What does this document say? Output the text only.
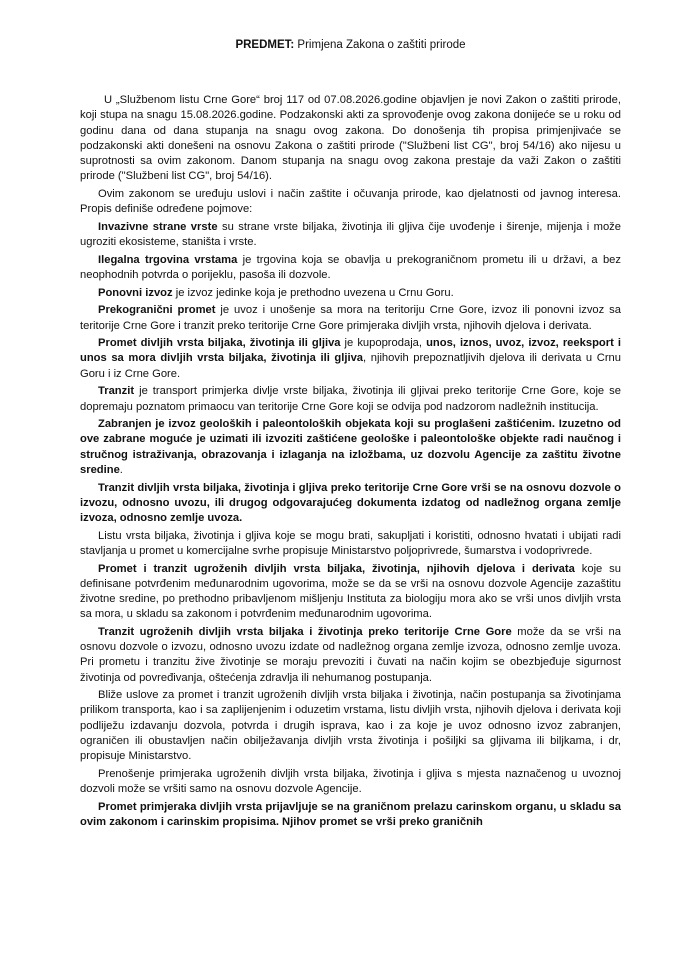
PREDMET: Primjena Zakona o zaštiti prirode

U „Službenom listu Crne Gore“ broj 117 od 07.08.2026.godine objavljen je novi Zakon o zaštiti prirode, koji stupa na snagu 15.08.2026.godine. Podzakonski akti za sprovođenje ovog zakona donijeće se u roku od godinu dana od dana stupanja na snagu ovog zakona. Do donošenja tih propisa primjenjivaće se podzakonski akti donešeni na osnovu Zakona o zaštiti prirode ("Službeni list CG", broj 54/16) ako nijesu u suprotnosti sa ovim zakonom. Danom stupanja na snagu ovog zakona prestaje da važi Zakon o zaštiti prirode ("Službeni list CG", broj 54/16).

Ovim zakonom se uređuju uslovi i način zaštite i očuvanja prirode, kao djelatnosti od javnog interesa. Propis definiše određene pojmove:

Invazivne strane vrste su strane vrste biljaka, životinja ili gljiva čije uvođenje i širenje, mijenja i može ugroziti ekosisteme, staništa i vrste.

Ilegalna trgovina vrstama je trgovina koja se obavlja u prekograničnom prometu ili u državi, a bez neophodnih potvrda o porijeklu, pasoša ili dozvole.

Ponovni izvoz je izvoz jedinke koja je prethodno uvezena u Crnu Goru.

Prekogranični promet je uvoz i unošenje sa mora na teritoriju Crne Gore, izvoz ili ponovni izvoz sa teritorije Crne Gore i tranzit preko teritorije Crne Gore primjeraka divljih vrsta, njihovih djelova i derivata.

Promet divljih vrsta biljaka, životinja ili gljiva je kupoprodaja, unos, iznos, uvoz, izvoz, reeksport i unos sa mora divljih vrsta biljaka, životinja ili gljiva, njihovih prepoznatljivih djelova ili derivata u Crnu Goru i iz Crne Gore.

Tranzit je transport primjerka divlje vrste biljaka, životinja ili gljivai preko teritorije Crne Gore, koje se dopremaju poznatom primaocu van teritorije Crne Gore koji se odvija pod nadzorom nadležnih institucija.

Zabranjen je izvoz geoloških i paleontoloških objekata koji su proglašeni zaštićenim. Izuzetno od ove zabrane moguće je uzimati ili izvoziti zaštićene geološke i paleontološke objekte radi naučnog i stručnog istraživanja, obrazovanja i izlaganja na izložbama, uz dozvolu Agencije za zaštitu životne sredine.

Tranzit divljih vrsta biljaka, životinja i gljiva preko teritorije Crne Gore vrši se na osnovu dozvole o izvozu, odnosno uvozu, ili drugog odgovarajućeg dokumenta izdatog od nadležnog organa zemlje izvoza, odnosno zemlje uvoza.

Listu vrsta biljaka, životinja i gljiva koje se mogu brati, sakupljati i koristiti, odnosno hvatati i ubijati radi stavljanja u promet u komercijalne svrhe propisuje Ministarstvo poljoprivrede, šumarstva i vodoprivrede.

Promet i tranzit ugroženih divljih vrsta biljaka, životinja, njihovih djelova i derivata koje su definisane potvrđenim međunarodnim ugovorima, može se da se vrši na osnovu dozvole Agencije zazaštitu životne sredine, po prethodno pribavljenom mišljenju Instituta za biologiju mora ako se vrši unos divljih vrsta sa mora, u skladu sa zakonom i potvrđenim međunarodnim ugovorima.

Tranzit ugroženih divljih vrsta biljaka i životinja preko teritorije Crne Gore može da se vrši na osnovu dozvole o izvozu, odnosno uvozu izdate od nadležnog organa zemlje izvoza, odnosno zemlje uvoza. Pri prometu i tranzitu žive životinje se moraju prevoziti i čuvati na način kojim se obezbjeđuje sigurnost životinja od povređivanja, oštećenja zdravlja ili nehumanog postupanja.

Bliže uslove za promet i tranzit ugroženih divljih vrsta biljaka i životinja, način postupanja sa životinjama prilikom transporta, kao i sa zaplijenjenim i oduzetim vrstama, listu divljih vrsta, njihovih djelova i derivata koji podliježu izdavanju dozvola, potvrda i drugih isprava, kao i za koje je uvoz odnosno izvoz zabranjen, ograničen ili obustavljen način obilježavanja divljih vrsta životinja i pošiljki sa gljivama ili biljkama, i dr, propisuje Ministarstvo.

Prenošenje primjeraka ugroženih divljih vrsta biljaka, životinja i gljiva s mjesta naznačenog u uvoznoj dozvoli može se vršiti samo na osnovu dozvole Agencije.

Promet primjeraka divljih vrsta prijavljuje se na graničnom prelazu carinskom organu, u skladu sa ovim zakonom i carinskim propisima. Njihov promet se vrši preko graničnih
